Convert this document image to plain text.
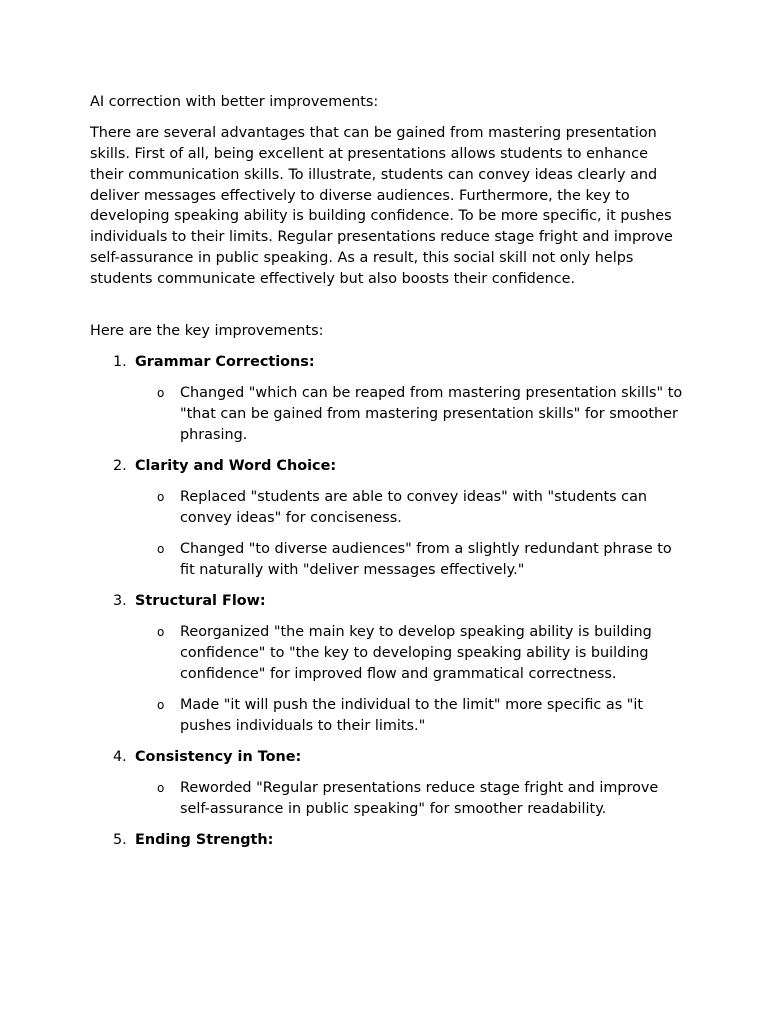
AI correction with better improvements:

There are several advantages that can be gained from mastering presentation skills. First of all, being excellent at presentations allows students to enhance their communication skills. To illustrate, students can convey ideas clearly and deliver messages effectively to diverse audiences. Furthermore, the key to developing speaking ability is building confidence. To be more specific, it pushes individuals to their limits. Regular presentations reduce stage fright and improve self-assurance in public speaking. As a result, this social skill not only helps students communicate effectively but also boosts their confidence.

Here are the key improvements:

1. Grammar Corrections:
o Changed "which can be reaped from mastering presentation skills" to "that can be gained from mastering presentation skills" for smoother phrasing.
2. Clarity and Word Choice:
o Replaced "students are able to convey ideas" with "students can convey ideas" for conciseness.
o Changed "to diverse audiences" from a slightly redundant phrase to fit naturally with "deliver messages effectively."
3. Structural Flow:
o Reorganized "the main key to develop speaking ability is building confidence" to "the key to developing speaking ability is building confidence" for improved flow and grammatical correctness.
o Made "it will push the individual to the limit" more specific as "it pushes individuals to their limits."
4. Consistency in Tone:
o Reworded "Regular presentations reduce stage fright and improve self-assurance in public speaking" for smoother readability.
5. Ending Strength:
